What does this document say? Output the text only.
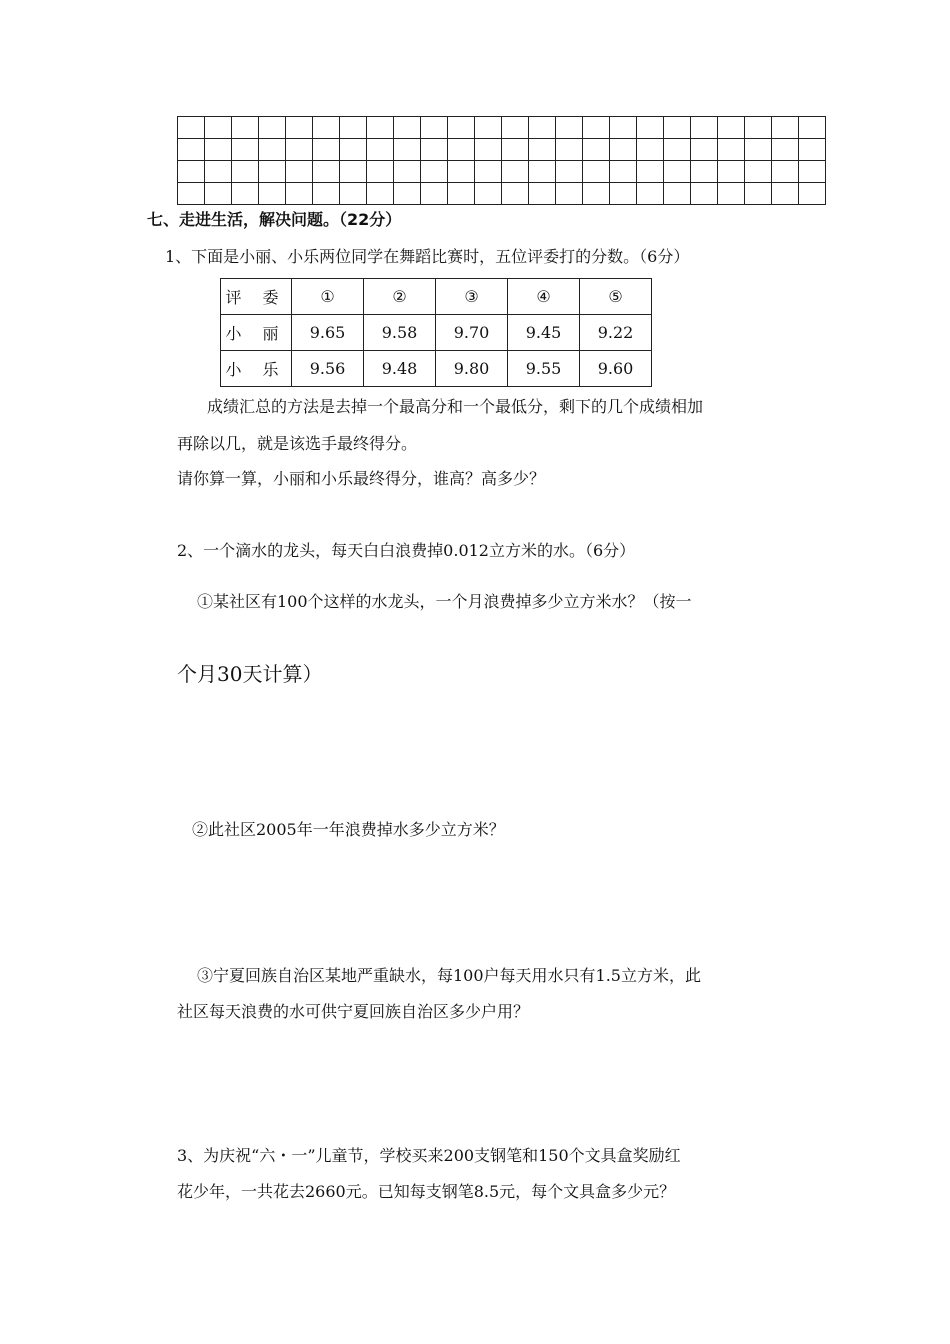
七、走进生活，解决问题。（22分）
1、下面是小丽、小乐两位同学在舞蹈比赛时，五位评委打的分数。（6分）
评 委	①	②	③	④	⑤
小 丽	9.65	9.58	9.70	9.45	9.22
小 乐	9.56	9.48	9.80	9.55	9.60
成绩汇总的方法是去掉一个最高分和一个最低分，剩下的几个成绩相加
再除以几，就是该选手最终得分。
请你算一算，小丽和小乐最终得分，谁高？高多少？
2、一个滴水的龙头，每天白白浪费掉0.012立方米的水。（6分）
①某社区有100个这样的水龙头，一个月浪费掉多少立方米水？（按一
个月30天计算）
②此社区2005年一年浪费掉水多少立方米？
③宁夏回族自治区某地严重缺水，每100户每天用水只有1.5立方米，此
社区每天浪费的水可供宁夏回族自治区多少户用？
3、为庆祝“六・一”儿童节，学校买来200支钢笔和150个文具盒奖励红
花少年，一共花去2660元。已知每支钢笔8.5元，每个文具盒多少元？
